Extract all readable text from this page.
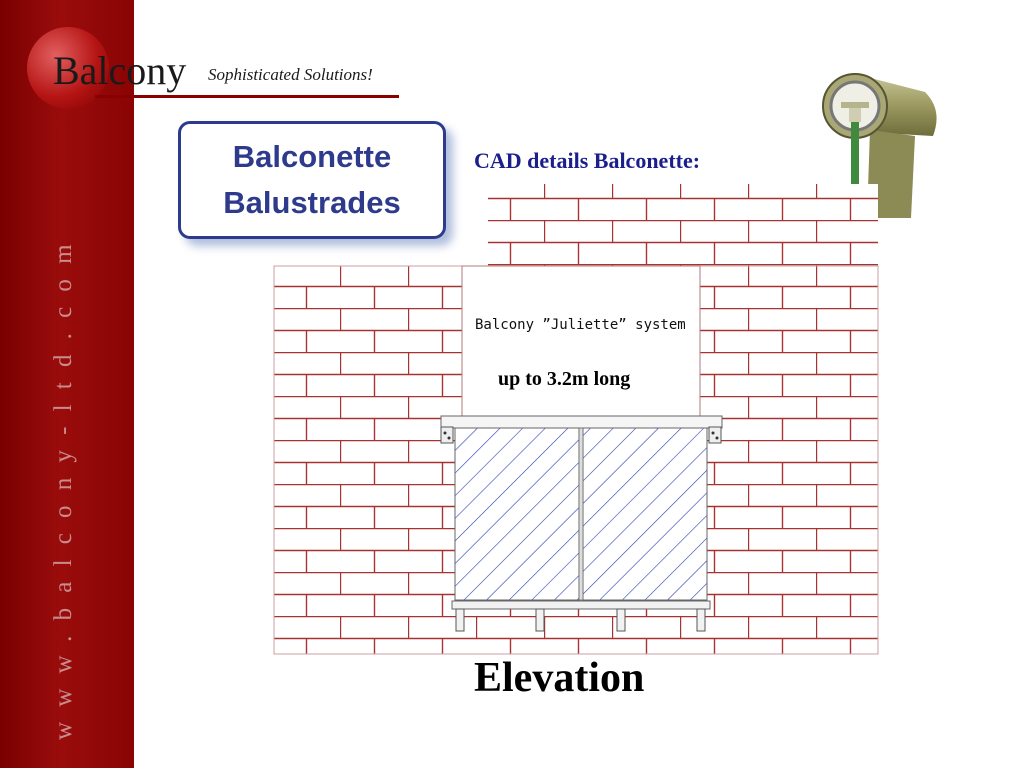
www.balcony-ltd.com
Balcony Sophisticated Solutions!
Balconette
Balustrades
CAD details Balconette:
Balcony ”Juliette” system
up to 3.2m long
Elevation
